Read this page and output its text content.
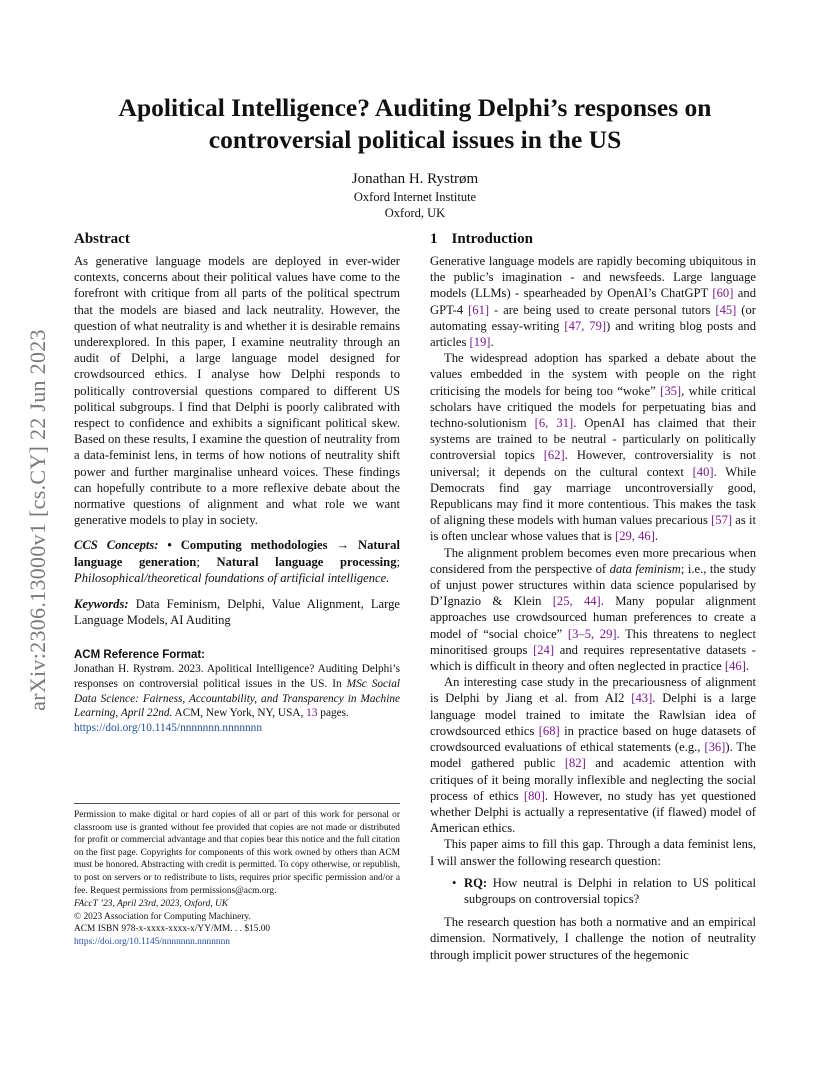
arXiv:2306.13000v1 [cs.CY] 22 Jun 2023
Apolitical Intelligence? Auditing Delphi’s responses on controversial political issues in the US
Jonathan H. Rystrøm
Oxford Internet Institute
Oxford, UK
Abstract

As generative language models are deployed in ever-wider contexts, concerns about their political values have come to the forefront with critique from all parts of the political spectrum that the models are biased and lack neutrality. However, the question of what neutrality is and whether it is desirable remains underexplored. In this paper, I examine neutrality through an audit of Delphi, a large language model designed for crowdsourced ethics. I analyse how Delphi responds to politically controversial questions compared to different US political subgroups. I find that Delphi is poorly calibrated with respect to confidence and exhibits a significant political skew. Based on these results, I examine the question of neutrality from a data-feminist lens, in terms of how notions of neutrality shift power and further marginalise unheard voices. These findings can hopefully contribute to a more reflexive debate about the normative questions of alignment and what role we want generative models to play in society.

CCS Concepts: • Computing methodologies → Natural language generation; Natural language processing; Philosophical/theoretical foundations of artificial intelligence.

Keywords: Data Feminism, Delphi, Value Alignment, Large Language Models, AI Auditing

ACM Reference Format:

Jonathan H. Rystrøm. 2023. Apolitical Intelligence? Auditing Delphi’s responses on controversial political issues in the US. In MSc Social Data Science: Fairness, Accountability, and Transparency in Machine Learning, April 22nd. ACM, New York, NY, USA, 13 pages.
https://doi.org/10.1145/nnnnnnn.nnnnnnn

Permission to make digital or hard copies of all or part of this work for personal or classroom use is granted without fee provided that copies are not made or distributed for profit or commercial advantage and that copies bear this notice and the full citation on the first page. Copyrights for components of this work owned by others than ACM must be honored. Abstracting with credit is permitted. To copy otherwise, or republish, to post on servers or to redistribute to lists, requires prior specific permission and/or a fee. Request permissions from permissions@acm.org.

FAccT ’23, April 23rd, 2023, Oxford, UK

© 2023 Association for Computing Machinery.

ACM ISBN 978-x-xxxx-xxxx-x/YY/MM. . . $15.00

https://doi.org/10.1145/nnnnnnn.nnnnnnn

1 Introduction

Generative language models are rapidly becoming ubiquitous in the public’s imagination - and newsfeeds. Large language models (LLMs) - spearheaded by OpenAI’s ChatGPT [60] and GPT-4 [61] - are being used to create personal tutors [45] (or automating essay-writing [47, 79]) and writing blog posts and articles [19].

The widespread adoption has sparked a debate about the values embedded in the system with people on the right criticising the models for being too “woke” [35], while critical scholars have critiqued the models for perpetuating bias and techno-solutionism [6, 31]. OpenAI has claimed that their systems are trained to be neutral - particularly on politically controversial topics [62]. However, controversiality is not universal; it depends on the cultural context [40]. While Democrats find gay marriage uncontroversially good, Republicans may find it more contentious. This makes the task of aligning these models with human values precarious [57] as it is often unclear whose values that is [29, 46].

The alignment problem becomes even more precarious when considered from the perspective of data feminism; i.e., the study of unjust power structures within data science popularised by D’Ignazio & Klein [25, 44]. Many popular alignment approaches use crowdsourced human preferences to create a model of “social choice” [3–5, 29]. This threatens to neglect minoritised groups [24] and requires representative datasets - which is difficult in theory and often neglected in practice [46].

An interesting case study in the precariousness of alignment is Delphi by Jiang et al. from AI2 [43]. Delphi is a large language model trained to imitate the Rawlsian idea of crowdsourced ethics [68] in practice based on huge datasets of crowdsourced evaluations of ethical statements (e.g., [36]). The model gathered public [82] and academic attention with critiques of it being morally inflexible and neglecting the social process of ethics [80]. However, no study has yet questioned whether Delphi is actually a representative (if flawed) model of American ethics.

This paper aims to fill this gap. Through a data feminist lens, I will answer the following research question:

• RQ: How neutral is Delphi in relation to US political subgroups on controversial topics?

The research question has both a normative and an empirical dimension. Normatively, I challenge the notion of neutrality through implicit power structures of the hegemonic
